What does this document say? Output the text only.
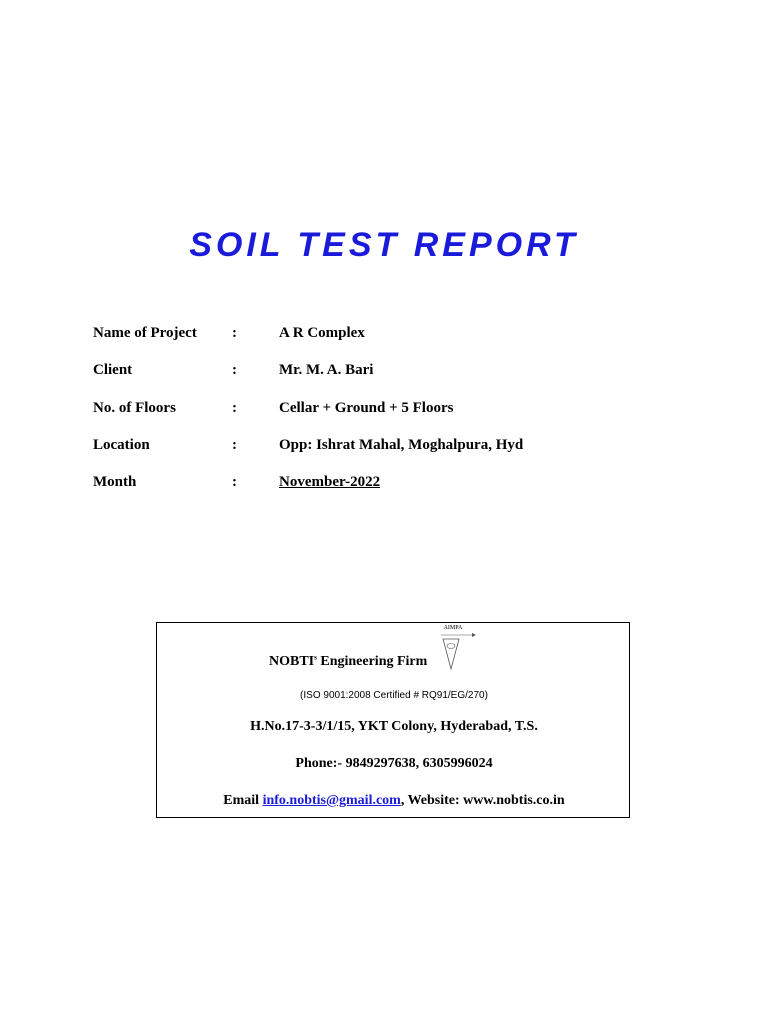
SOIL TEST REPORT
Name of Project :	A R Complex
Client	:	Mr. M. A. Bari
No. of Floors	:	Cellar + Ground + 5 Floors
Location	:	Opp: Ishrat Mahal, Moghalpura, Hyd
Month	:	November-2022
AIMPA
NOBTI$^s$ Engineering Firm
(ISO 9001:2008 Certified # RQ91/EG/270)
H.No.17-3-3/1/15, YKT Colony, Hyderabad, T.S.
Phone:- 9849297638, 6305996024
Email info.nobtis@gmail.com, Website: www.nobtis.co.in
